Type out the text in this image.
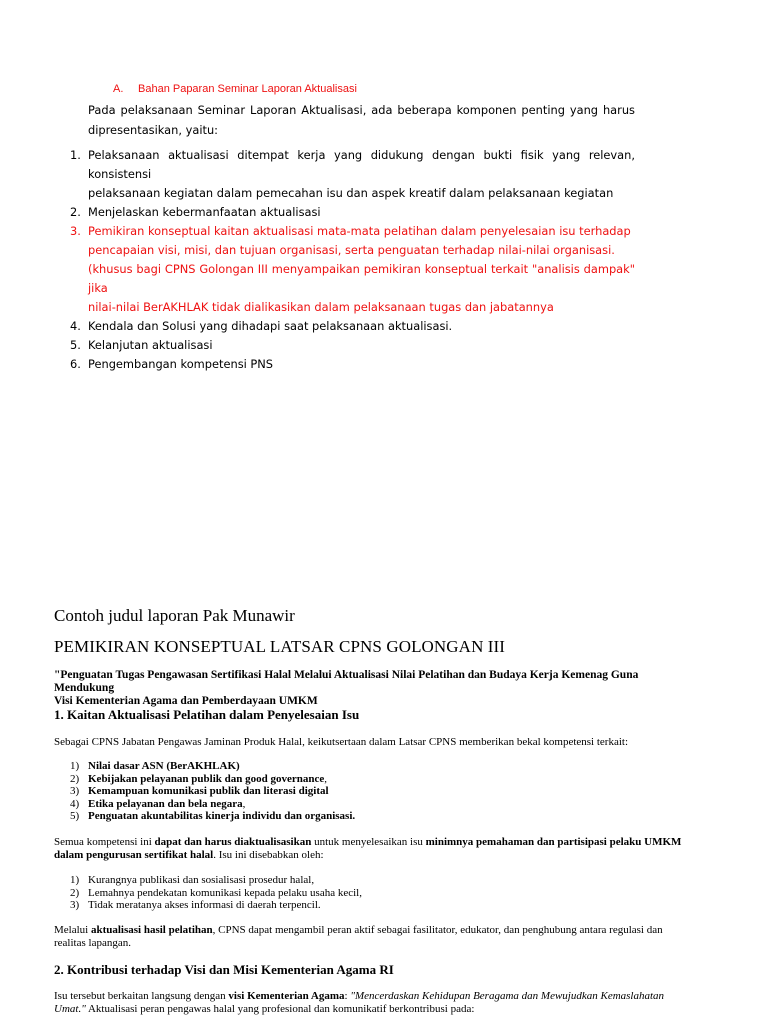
A. Bahan Paparan Seminar Laporan Aktualisasi
Pada pelaksanaan Seminar Laporan Aktualisasi, ada beberapa komponen penting yang harus dipresentasikan, yaitu:
1. Pelaksanaan aktualisasi ditempat kerja yang didukung dengan bukti fisik yang relevan, konsistensi
pelaksanaan kegiatan dalam pemecahan isu dan aspek kreatif dalam pelaksanaan kegiatan
2. Menjelaskan kebermanfaatan aktualisasi
3. Pemikiran konseptual kaitan aktualisasi mata-mata pelatihan dalam penyelesaian isu terhadap
pencapaian visi, misi, dan tujuan organisasi, serta penguatan terhadap nilai-nilai organisasi.
(khusus bagi CPNS Golongan III menyampaikan pemikiran konseptual terkait "analisis dampak" jika
nilai-nilai BerAKHLAK tidak dialikasikan dalam pelaksanaan tugas dan jabatannya
4. Kendala dan Solusi yang dihadapi saat pelaksanaan aktualisasi.
5. Kelanjutan aktualisasi
6. Pengembangan kompetensi PNS
Contoh judul laporan Pak Munawir
PEMIKIRAN KONSEPTUAL LATSAR CPNS GOLONGAN III
"Penguatan Tugas Pengawasan Sertifikasi Halal Melalui Aktualisasi Nilai Pelatihan dan Budaya Kerja Kemenag Guna Mendukung
Visi Kementerian Agama dan Pemberdayaan UMKM
1. Kaitan Aktualisasi Pelatihan dalam Penyelesaian Isu
Sebagai CPNS Jabatan Pengawas Jaminan Produk Halal, keikutsertaan dalam Latsar CPNS memberikan bekal kompetensi terkait:
1) Nilai dasar ASN (BerAKHLAK)
2) Kebijakan pelayanan publik dan good governance,
3) Kemampuan komunikasi publik dan literasi digital
4) Etika pelayanan dan bela negara,
5) Penguatan akuntabilitas kinerja individu dan organisasi.
Semua kompetensi ini dapat dan harus diaktualisasikan untuk menyelesaikan isu minimnya pemahaman dan partisipasi pelaku UMKM
dalam pengurusan sertifikat halal. Isu ini disebabkan oleh:
1) Kurangnya publikasi dan sosialisasi prosedur halal,
2) Lemahnya pendekatan komunikasi kepada pelaku usaha kecil,
3) Tidak meratanya akses informasi di daerah terpencil.
Melalui aktualisasi hasil pelatihan, CPNS dapat mengambil peran aktif sebagai fasilitator, edukator, dan penghubung antara regulasi dan
realitas lapangan.
2. Kontribusi terhadap Visi dan Misi Kementerian Agama RI
Isu tersebut berkaitan langsung dengan visi Kementerian Agama: "Mencerdaskan Kehidupan Beragama dan Mewujudkan Kemaslahatan
Umat." Aktualisasi peran pengawas halal yang profesional dan komunikatif berkontribusi pada:
